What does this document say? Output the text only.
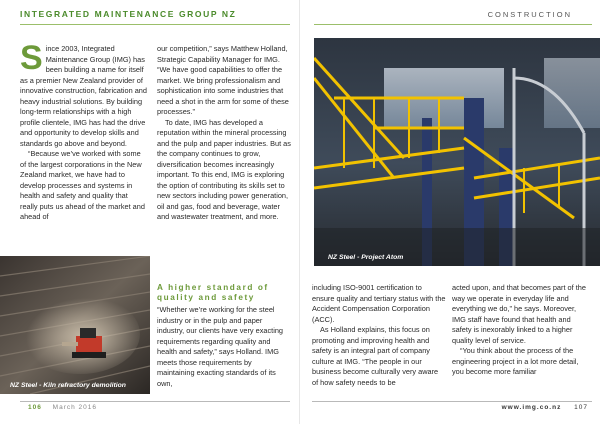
INTEGRATED MAINTENANCE GROUP NZ
S ince 2003, Integrated Maintenance Group (IMG) has been building a name for itself as a premier New Zealand provider of innovative construction, fabrication and heavy industrial solutions. By building long-term relationships with a high profile clientele, IMG has had the drive and opportunity to develop skills and standards go above and beyond.

“Because we’ve worked with some of the largest corporations in the New Zealand market, we have had to develop processes and systems in health and safety and quality that really puts us ahead of the market and ahead of

our competition,” says Matthew Holland, Strategic Capability Manager for IMG. “We have good capabilities to offer the market. We bring professionalism and sophistication into some industries that need a shot in the arm for some of these processes.”

To date, IMG has developed a reputation within the mineral processing and the pulp and paper industries. But as the company continues to grow, diversification becomes increasingly important. To this end, IMG is exploring the option of contributing its skills set to new sectors including power generation, oil and gas, food and beverage, water and wastewater treatment, and more.

A higher standard of quality and safety

“Whether we’re working for the steel industry or in the pulp and paper industry, our clients have very exacting requirements regarding quality and health and safety,” says Holland. IMG meets those requirements by maintaining exacting standards of its own,

NZ Steel - Kiln refractory demolition
106 March 2016
CONSTRUCTION
NZ Steel - Project Atom

including ISO-9001 certification to ensure quality and tertiary status with the Accident Compensation Corporation (ACC).

As Holland explains, this focus on promoting and improving health and safety is an integral part of company culture at IMG. “The people in our business become culturally very aware of how safety needs to be

acted upon, and that becomes part of the way we operate in everyday life and everything we do,” he says. Moreover, IMG staff have found that health and safety is inexorably linked to a higher quality level of service.

“You think about the process of the engineering project in a lot more detail, you become more familiar

www.img.co.nz 107
